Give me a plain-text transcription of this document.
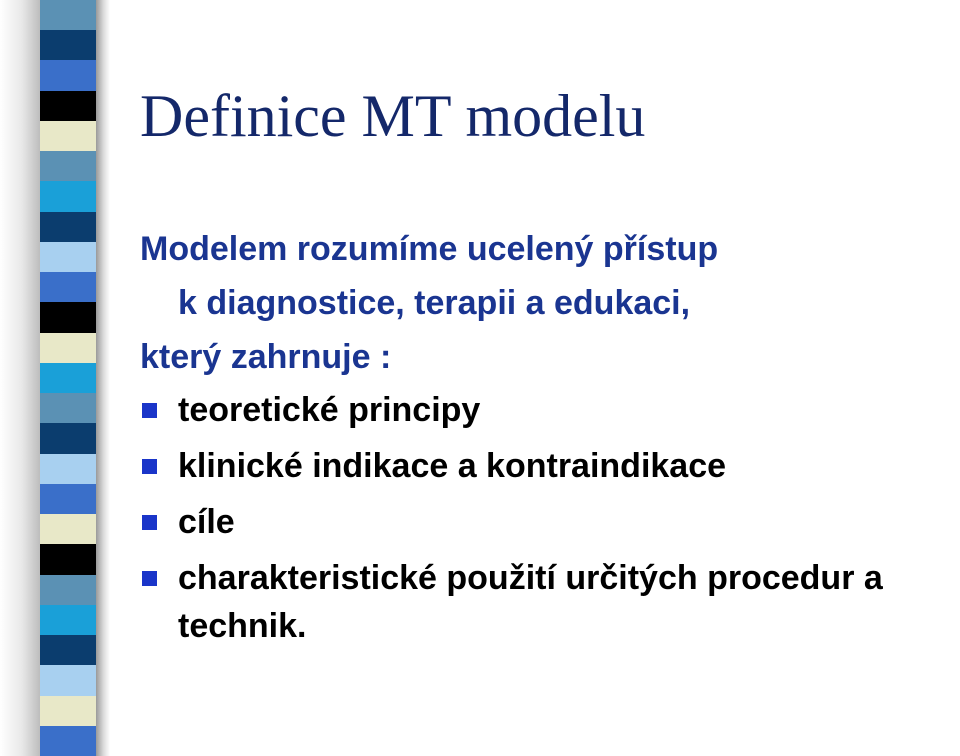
Definice MT modelu
Modelem rozumíme ucelený přístup
k diagnostice, terapii a edukaci,
který zahrnuje :
teoretické principy
klinické indikace a kontraindikace
cíle
charakteristické použití určitých procedur a technik.
